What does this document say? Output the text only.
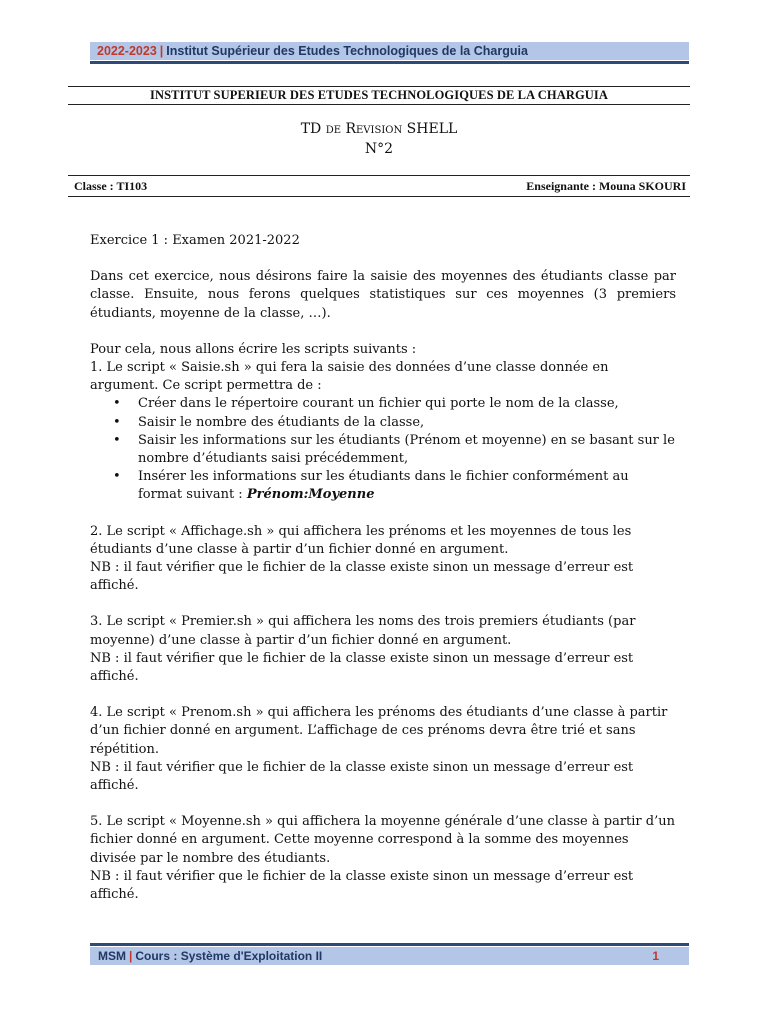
2022-2023 | Institut Supérieur des Etudes Technologiques de la Charguia
INSTITUT SUPERIEUR DES ETUDES TECHNOLOGIQUES DE LA CHARGUIA
TD de Revision SHELL
N°2
Classe : TI103	Enseignante : Mouna SKOURI

Exercice 1 : Examen 2021-2022

Dans cet exercice, nous désirons faire la saisie des moyennes des étudiants classe par classe. Ensuite, nous ferons quelques statistiques sur ces moyennes (3 premiers étudiants, moyenne de la classe, …).

Pour cela, nous allons écrire les scripts suivants :

1. Le script « Saisie.sh » qui fera la saisie des données d’une classe donnée en argument. Ce script permettra de :

• Créer dans le répertoire courant un fichier qui porte le nom de la classe,
• Saisir le nombre des étudiants de la classe,
• Saisir les informations sur les étudiants (Prénom et moyenne) en se basant sur le nombre d’étudiants saisi précédemment,
• Insérer les informations sur les étudiants dans le fichier conformément au format suivant : Prénom:Moyenne

2. Le script « Affichage.sh » qui affichera les prénoms et les moyennes de tous les étudiants d’une classe à partir d’un fichier donné en argument.

NB : il faut vérifier que le fichier de la classe existe sinon un message d’erreur est affiché.

3. Le script « Premier.sh » qui affichera les noms des trois premiers étudiants (par moyenne) d’une classe à partir d’un fichier donné en argument.

NB : il faut vérifier que le fichier de la classe existe sinon un message d’erreur est affiché.

4. Le script « Prenom.sh » qui affichera les prénoms des étudiants d’une classe à partir d’un fichier donné en argument. L’affichage de ces prénoms devra être trié et sans répétition.

NB : il faut vérifier que le fichier de la classe existe sinon un message d’erreur est affiché.

5. Le script « Moyenne.sh » qui affichera la moyenne générale d’une classe à partir d’un fichier donné en argument. Cette moyenne correspond à la somme des moyennes divisée par le nombre des étudiants.

NB : il faut vérifier que le fichier de la classe existe sinon un message d’erreur est affiché.

MSM | Cours : Système d'Exploitation II	1
